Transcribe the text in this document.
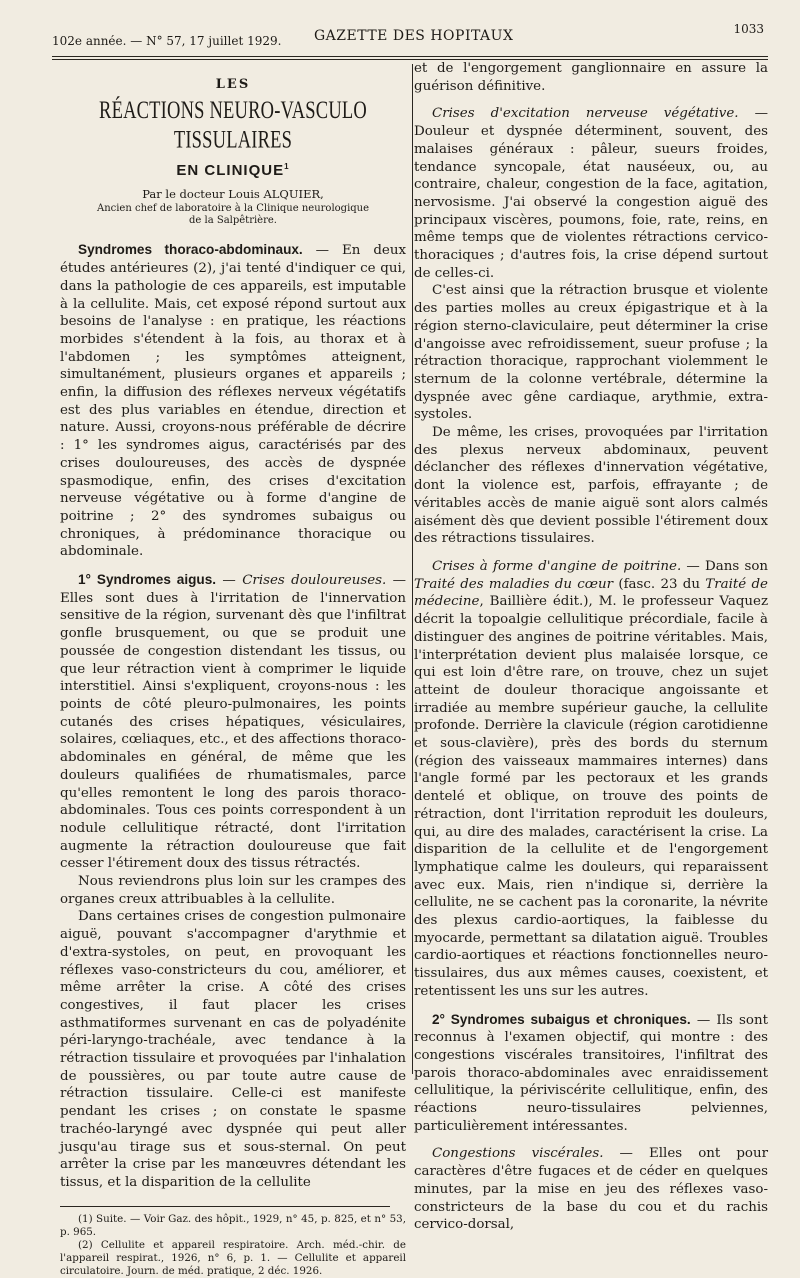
102e année. — N° 57, 17 juillet 1929. GAZETTE DES HOPITAUX	1033
LES
RÉACTIONS NEURO-VASCULO TISSULAIRES
EN CLINIQUE$^1$
Par le docteur Louis ALQUIER,
Ancien chef de laboratoire à la Clinique neurologique
de la Salpêtrière.

Syndromes thoraco-abdominaux. — En deux études antérieures (2), j'ai tenté d'indiquer ce qui, dans la pathologie de ces appareils, est imputable à la cellulite. Mais, cet exposé répond surtout aux besoins de l'analyse : en pratique, les réactions morbides s'étendent à la fois, au thorax et à l'abdomen ; les symptômes atteignent, simultanément, plusieurs organes et appareils ; enfin, la diffusion des réflexes nerveux végétatifs est des plus variables en étendue, direction et nature. Aussi, croyons-nous préférable de décrire : 1° les syndromes aigus, caractérisés par des crises douloureuses, des accès de dyspnée spasmodique, enfin, des crises d'excitation nerveuse végétative ou à forme d'angine de poitrine ; 2° des syndromes subaigus ou chroniques, à prédominance thoracique ou abdominale.

1° Syndromes aigus. — Crises douloureuses. — Elles sont dues à l'irritation de l'innervation sensitive de la région, survenant dès que l'infiltrat gonfle brusquement, ou que se produit une poussée de congestion distendant les tissus, ou que leur rétraction vient à comprimer le liquide interstitiel. Ainsi s'expliquent, croyons-nous : les points de côté pleuro-pulmonaires, les points cutanés des crises hépatiques, vésiculaires, solaires, cœliaques, etc., et des affections thoraco-abdominales en général, de même que les douleurs qualifiées de rhumatismales, parce qu'elles remontent le long des parois thoraco-abdominales. Tous ces points correspondent à un nodule cellulitique rétracté, dont l'irritation augmente la rétraction douloureuse que fait cesser l'étirement doux des tissus rétractés.

Nous reviendrons plus loin sur les crampes des organes creux attribuables à la cellulite.

Dans certaines crises de congestion pulmonaire aiguë, pouvant s'accompagner d'arythmie et d'extra-systoles, on peut, en provoquant les réflexes vaso-constricteurs du cou, améliorer, et même arrêter la crise. A côté des crises congestives, il faut placer les crises asthmatiformes survenant en cas de polyadénite péri-laryngo-trachéale, avec tendance à la rétraction tissulaire et provoquées par l'inhalation de poussières, ou par toute autre cause de rétraction tissulaire. Celle-ci est manifeste pendant les crises ; on constate le spasme trachéo-laryngé avec dyspnée qui peut aller jusqu'au tirage sus et sous-sternal. On peut arrêter la crise par les manœuvres détendant les tissus, et la disparition de la cellulite

(1) Suite. — Voir Gaz. des hôpit., 1929, n° 45, p. 825, et n° 53, p. 965.

(2) Cellulite et appareil respiratoire. Arch. méd.-chir. de l'appareil respirat., 1926, n° 6, p. 1. — Cellulite et appareil circulatoire. Journ. de méd. pratique, 2 déc. 1926.

et de l'engorgement ganglionnaire en assure la guérison définitive.

Crises d'excitation nerveuse végétative. — Douleur et dyspnée déterminent, souvent, des malaises généraux : pâleur, sueurs froides, tendance syncopale, état nauséeux, ou, au contraire, chaleur, congestion de la face, agitation, nervosisme. J'ai observé la congestion aiguë des principaux viscères, poumons, foie, rate, reins, en même temps que de violentes rétractions cervico-thoraciques ; d'autres fois, la crise dépend surtout de celles-ci.

C'est ainsi que la rétraction brusque et violente des parties molles au creux épigastrique et à la région sterno-claviculaire, peut déterminer la crise d'angoisse avec refroidissement, sueur profuse ; la rétraction thoracique, rapprochant violemment le sternum de la colonne vertébrale, détermine la dyspnée avec gêne cardiaque, arythmie, extra-systoles.

De même, les crises, provoquées par l'irritation des plexus nerveux abdominaux, peuvent déclancher des réflexes d'innervation végétative, dont la violence est, parfois, effrayante ; de véritables accès de manie aiguë sont alors calmés aisément dès que devient possible l'étirement doux des rétractions tissulaires.

Crises à forme d'angine de poitrine. — Dans son Traité des maladies du cœur (fasc. 23 du Traité de médecine, Baillière édit.), M. le professeur Vaquez décrit la topoalgie cellulitique précordiale, facile à distinguer des angines de poitrine véritables. Mais, l'interprétation devient plus malaisée lorsque, ce qui est loin d'être rare, on trouve, chez un sujet atteint de douleur thoracique angoissante et irradiée au membre supérieur gauche, la cellulite profonde. Derrière la clavicule (région carotidienne et sous-clavière), près des bords du sternum (région des vaisseaux mammaires internes) dans l'angle formé par les pectoraux et les grands dentelé et oblique, on trouve des points de rétraction, dont l'irritation reproduit les douleurs, qui, au dire des malades, caractérisent la crise. La disparition de la cellulite et de l'engorgement lymphatique calme les douleurs, qui reparaissent avec eux. Mais, rien n'indique si, derrière la cellulite, ne se cachent pas la coronarite, la névrite des plexus cardio-aortiques, la faiblesse du myocarde, permettant sa dilatation aiguë. Troubles cardio-aortiques et réactions fonctionnelles neuro-tissulaires, dus aux mêmes causes, coexistent, et retentissent les uns sur les autres.

2° Syndromes subaigus et chroniques. — Ils sont reconnus à l'examen objectif, qui montre : des congestions viscérales transitoires, l'infiltrat des parois thoraco-abdominales avec enraidissement cellulitique, la périviscérite cellulitique, enfin, des réactions neuro-tissulaires pelviennes, particulièrement intéressantes.

Congestions viscérales. — Elles ont pour caractères d'être fugaces et de céder en quelques minutes, par la mise en jeu des réflexes vaso-constricteurs de la base du cou et du rachis cervico-dorsal,
